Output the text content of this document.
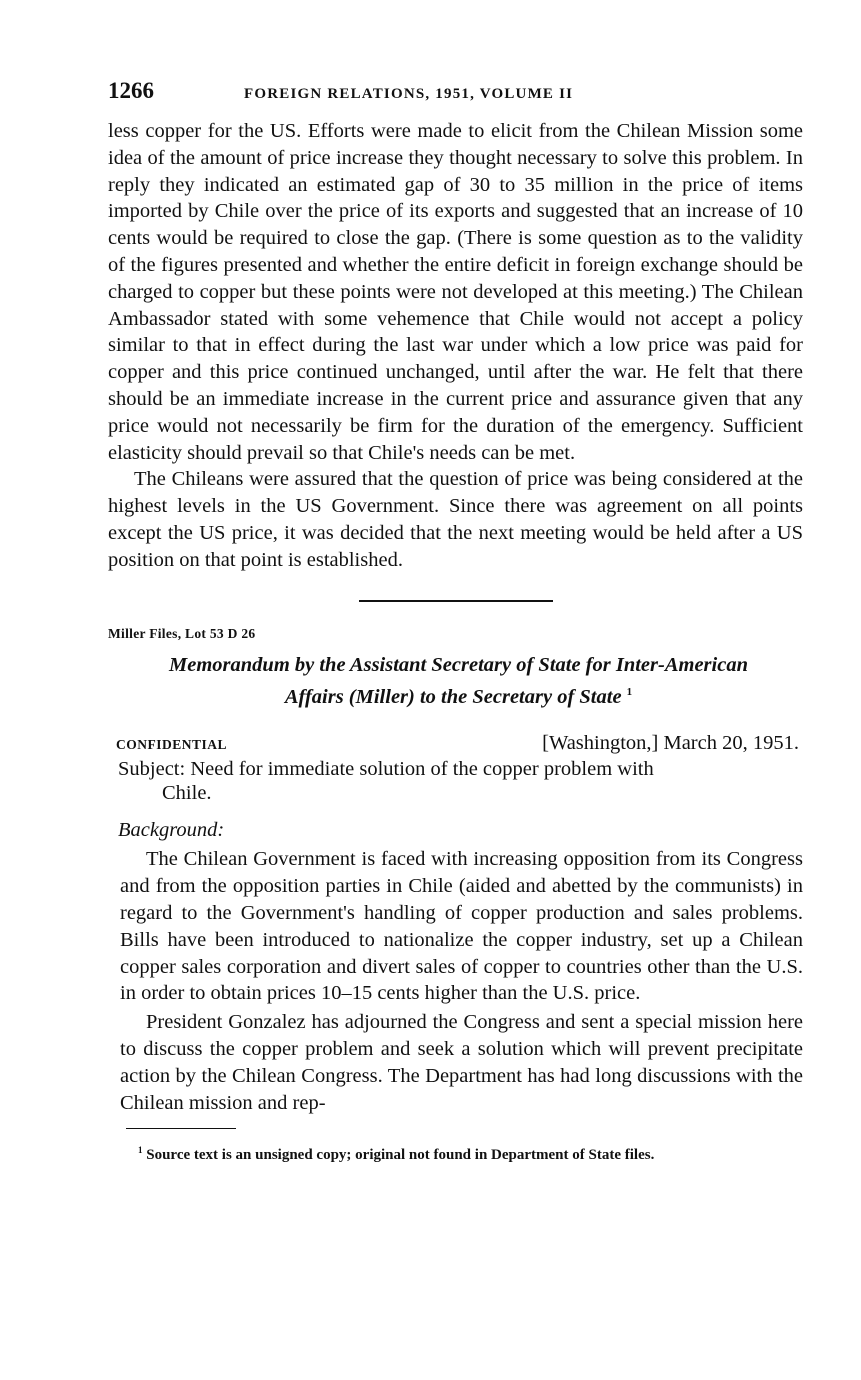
1266	FOREIGN RELATIONS, 1951, VOLUME II

less copper for the US. Efforts were made to elicit from the Chilean Mission some idea of the amount of price increase they thought necessary to solve this problem. In reply they indicated an estimated gap of 30 to 35 million in the price of items imported by Chile over the price of its exports and suggested that an increase of 10 cents would be required to close the gap. (There is some question as to the validity of the figures presented and whether the entire deficit in foreign exchange should be charged to copper but these points were not developed at this meeting.) The Chilean Ambassador stated with some vehemence that Chile would not accept a policy similar to that in effect during the last war under which a low price was paid for copper and this price continued unchanged, until after the war. He felt that there should be an immediate increase in the current price and assurance given that any price would not necessarily be firm for the duration of the emergency. Sufficient elasticity should prevail so that Chile's needs can be met.

The Chileans were assured that the question of price was being considered at the highest levels in the US Government. Since there was agreement on all points except the US price, it was decided that the next meeting would be held after a US position on that point is established.

Miller Files, Lot 53 D 26
Memorandum by the Assistant Secretary of State for Inter-American
Affairs (Miller) to the Secretary of State $^1$
CONFIDENTIAL	[Washington,] March 20, 1951.
Subject: Need for immediate solution of the copper problem with
Chile.
Background:

The Chilean Government is faced with increasing opposition from its Congress and from the opposition parties in Chile (aided and abetted by the communists) in regard to the Government's handling of copper production and sales problems. Bills have been introduced to nationalize the copper industry, set up a Chilean copper sales corporation and divert sales of copper to countries other than the U.S. in order to obtain prices 10–15 cents higher than the U.S. price.

President Gonzalez has adjourned the Congress and sent a special mission here to discuss the copper problem and seek a solution which will prevent precipitate action by the Chilean Congress. The Department has had long discussions with the Chilean mission and rep-

$^1$ Source text is an unsigned copy; original not found in Department of State files.
